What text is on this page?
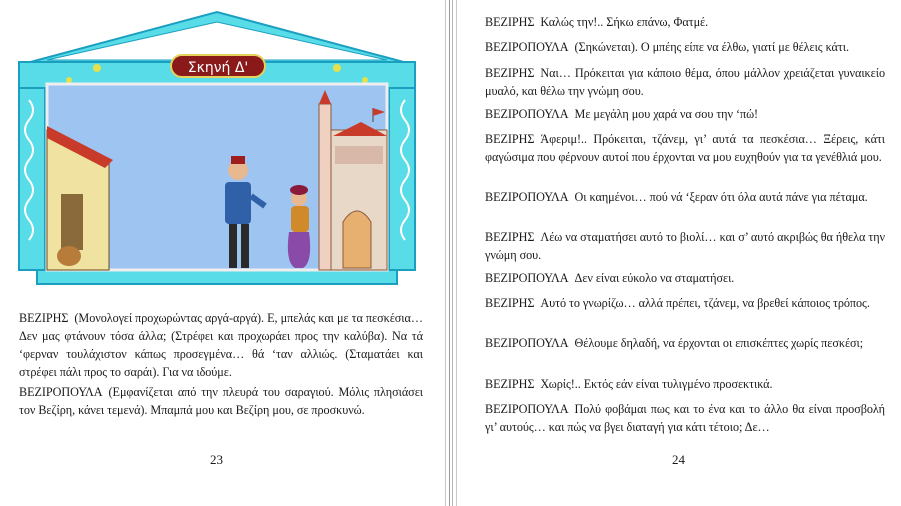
Σκηνή Δ'
ΒΕΖΙΡΗΣ (Μονολογεί προχωρώντας αργά-αργά). Ε, μπελάς και με τα πεσκέσια… Δεν μας φτάνουν τόσα άλλα; (Στρέφει και προχωράει προς την καλύβα). Να τά ‘φερναν τουλάχιστον κάπως προσεγμένα… θά ‘ταν αλλιώς. (Σταματάει και στρέφει πάλι προς το σαράι). Για να ιδούμε.
ΒΕΖΙΡΟΠΟΥΛΑ (Εμφανίζεται από την πλευρά του σαραγιού. Μόλις πλησιάσει τον Βεζίρη, κάνει τεμενά). Μπαμπά μου και Βεζίρη μου, σε προσκυνώ.
23
ΒΕΖΙΡΗΣ Καλώς την!.. Σήκω επάνω, Φατμέ.
ΒΕΖΙΡΟΠΟΥΛΑ (Σηκώνεται). Ο μπέης είπε να έλθω, γιατί με θέλεις κάτι.
ΒΕΖΙΡΗΣ Ναι… Πρόκειται για κάποιο θέμα, όπου μάλλον χρειάζεται γυναικείο μυαλό, και θέλω την γνώμη σου.
ΒΕΖΙΡΟΠΟΥΛΑ Με μεγάλη μου χαρά να σου την ‘πώ!
ΒΕΖΙΡΗΣ Άφεριμ!.. Πρόκειται, τζάνεμ, γι’ αυτά τα πεσκέσια… Ξέρεις, κάτι φαγώσιμα που φέρνουν αυτοί που έρχονται να μου ευχηθούν για τα γενέθλιά μου.
ΒΕΖΙΡΟΠΟΥΛΑ Οι καημένοι… πού νά ‘ξεραν ότι όλα αυτά πάνε για πέταμα.
ΒΕΖΙΡΗΣ Λέω να σταματήσει αυτό το βιολί… και σ’ αυτό ακριβώς θα ήθελα την γνώμη σου.
ΒΕΖΙΡΟΠΟΥΛΑ Δεν είναι εύκολο να σταματήσει.
ΒΕΖΙΡΗΣ Αυτό το γνωρίζω… αλλά πρέπει, τζάνεμ, να βρεθεί κάποιος τρόπος.
ΒΕΖΙΡΟΠΟΥΛΑ Θέλουμε δηλαδή, να έρχονται οι επισκέπτες χωρίς πεσκέσι;
ΒΕΖΙΡΗΣ Χωρίς!.. Εκτός εάν είναι τυλιγμένο προσεκτικά.
ΒΕΖΙΡΟΠΟΥΛΑ Πολύ φοβάμαι πως και το ένα και το άλλο θα είναι προσβολή γι’ αυτούς… και πώς να βγει διαταγή για κάτι τέτοιο; Δε…
24
